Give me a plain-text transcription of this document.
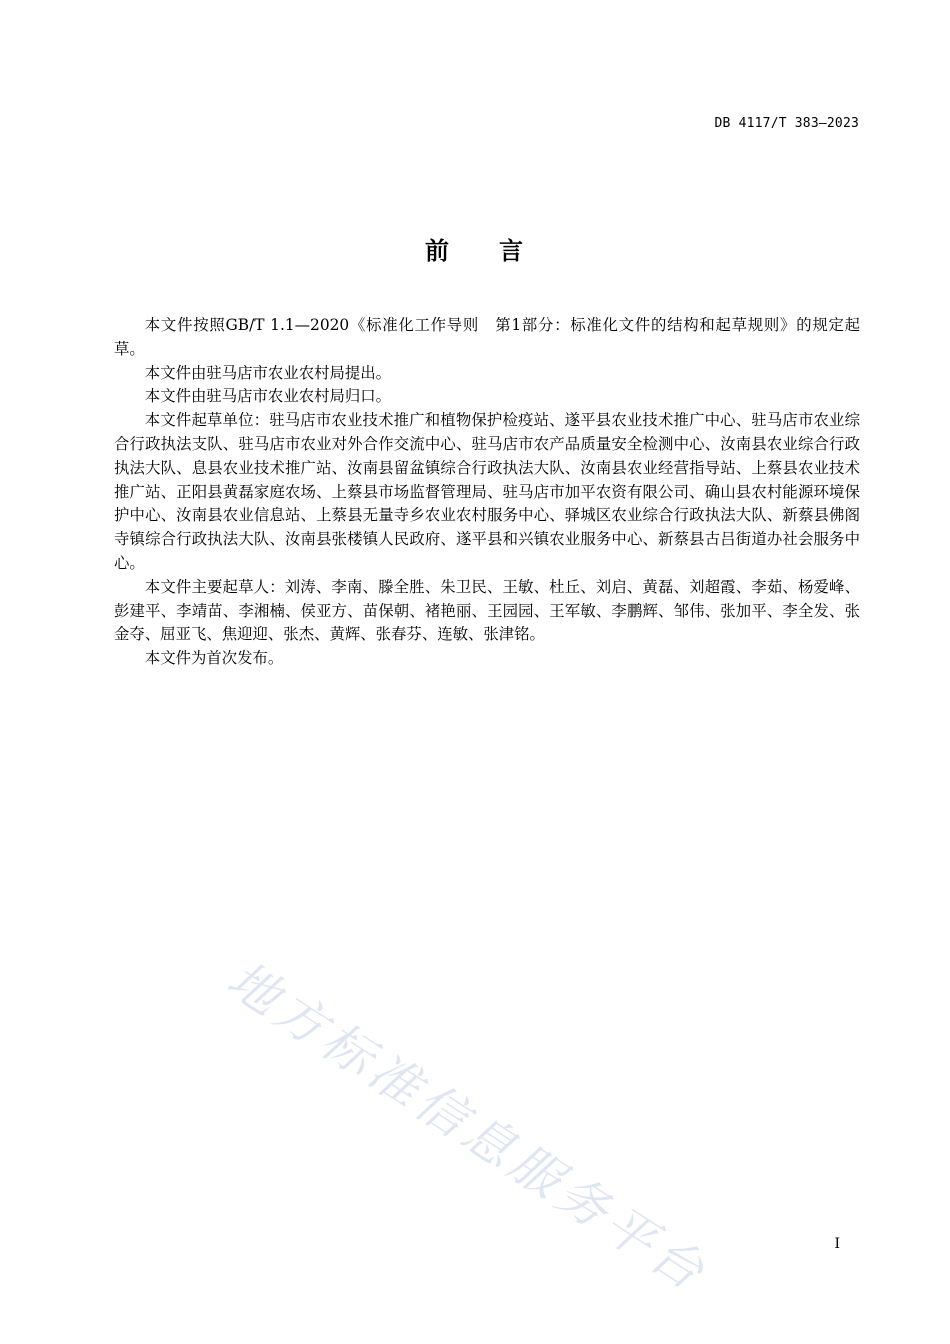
DB 4117/T 383—2023
前 言

本文件按照GB/T 1.1—2020《标准化工作导则　第1部分：标准化文件的结构和起草规则》的规定起草。

本文件由驻马店市农业农村局提出。

本文件由驻马店市农业农村局归口。

本文件起草单位：驻马店市农业技术推广和植物保护检疫站、遂平县农业技术推广中心、驻马店市农业综合行政执法支队、驻马店市农业对外合作交流中心、驻马店市农产品质量安全检测中心、汝南县农业综合行政执法大队、息县农业技术推广站、汝南县留盆镇综合行政执法大队、汝南县农业经营指导站、上蔡县农业技术推广站、正阳县黄磊家庭农场、上蔡县市场监督管理局、驻马店市加平农资有限公司、确山县农村能源环境保护中心、汝南县农业信息站、上蔡县无量寺乡农业农村服务中心、驿城区农业综合行政执法大队、新蔡县佛阁寺镇综合行政执法大队、汝南县张楼镇人民政府、遂平县和兴镇农业服务中心、新蔡县古吕街道办社会服务中心。

本文件主要起草人：刘涛、李南、滕全胜、朱卫民、王敏、杜丘、刘启、黄磊、刘超霞、李茹、杨爱峰、彭建平、李靖苗、李湘楠、侯亚方、苗保朝、褚艳丽、王园园、王军敏、李鹏辉、邹伟、张加平、李全发、张金夺、屈亚飞、焦迎迎、张杰、黄辉、张春芬、连敏、张津铭。

本文件为首次发布。

地方标准信息服务平台	I
